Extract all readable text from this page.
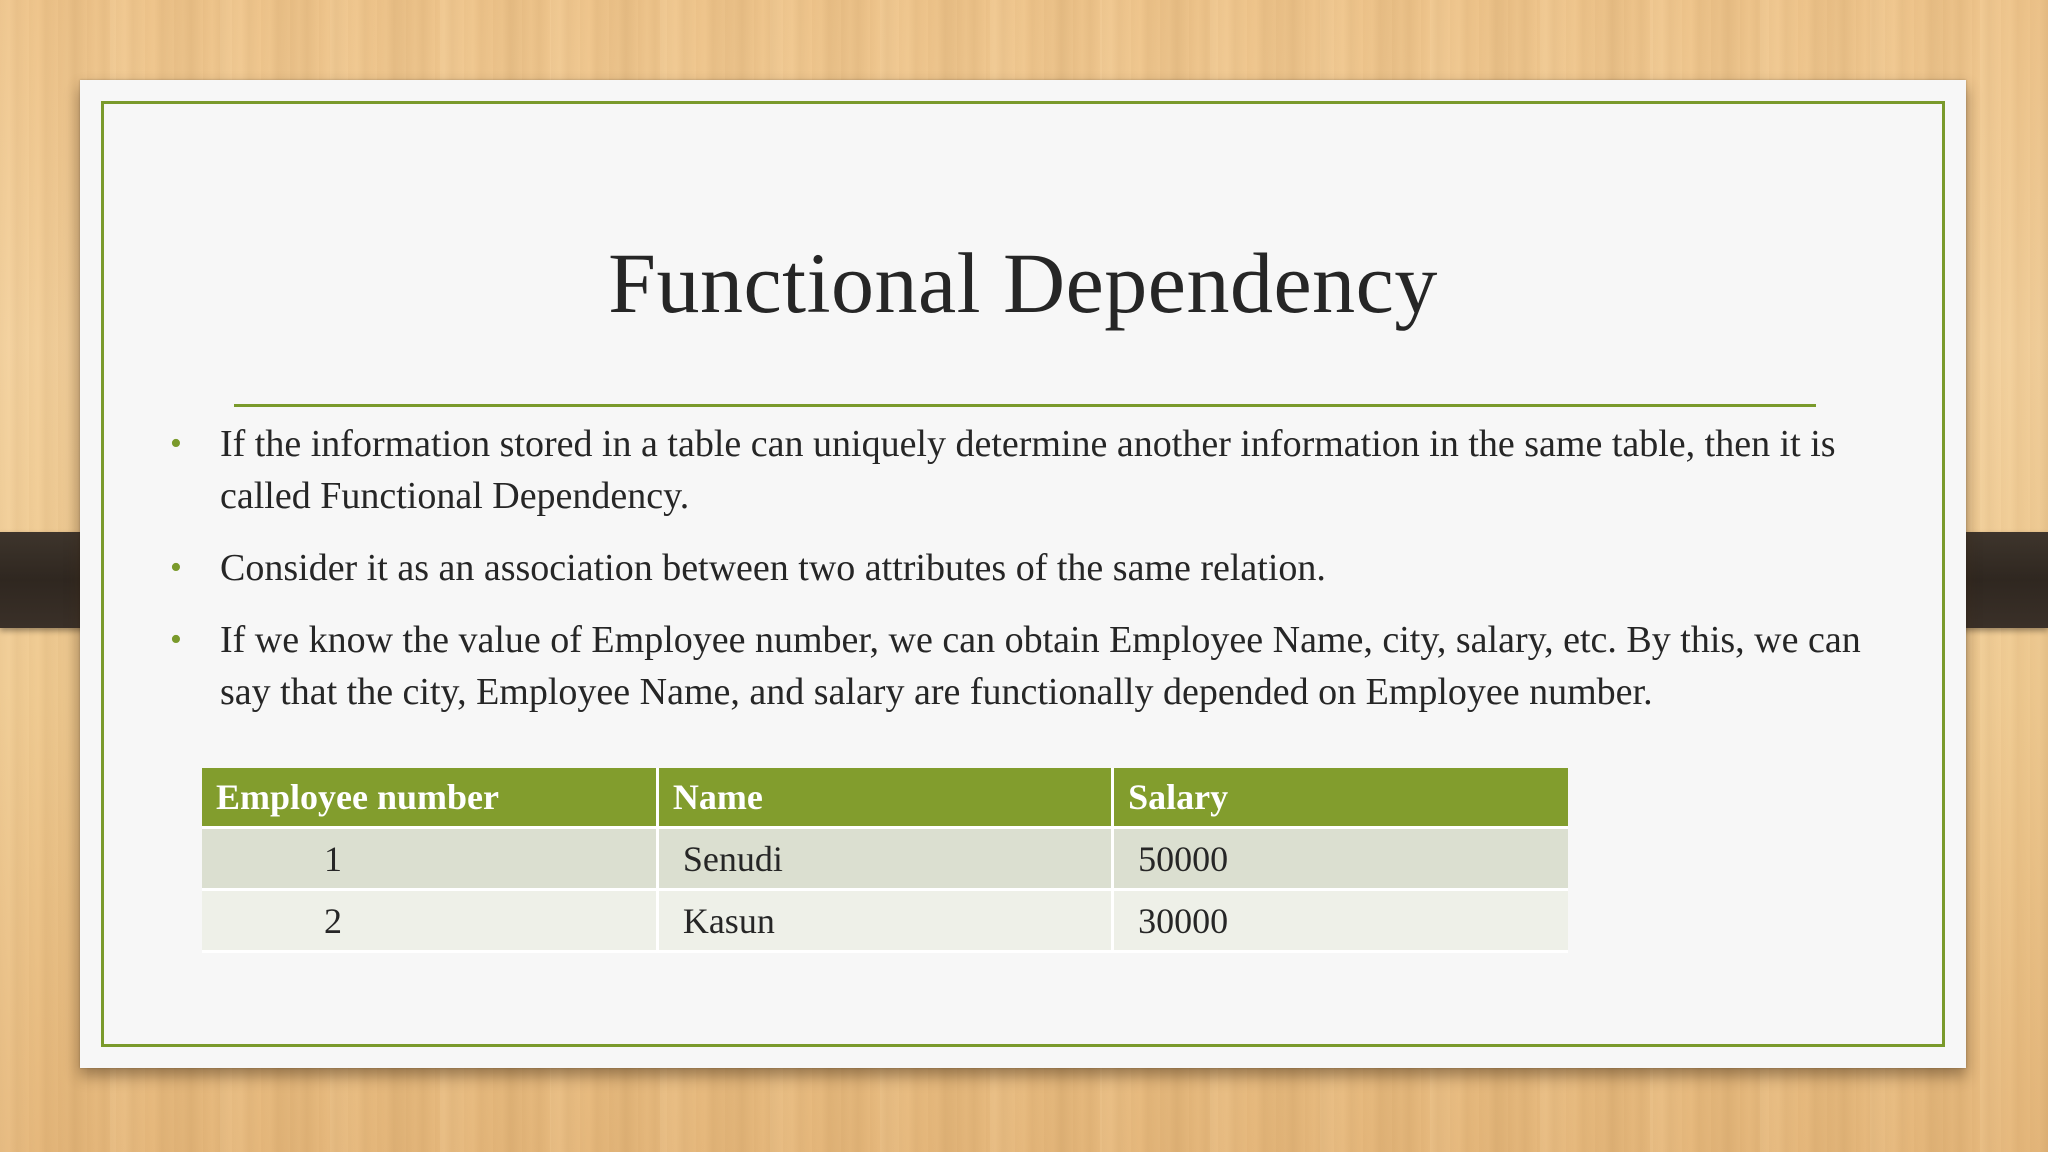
Functional Dependency
• If the information stored in a table can uniquely determine another information in the same table, then it is called Functional Dependency.
• Consider it as an association between two attributes of the same relation.
• If we know the value of Employee number, we can obtain Employee Name, city, salary, etc. By this, we can say that the city, Employee Name, and salary are functionally depended on Employee number.
Employee number	Name	Salary
1	Senudi	50000
2	Kasun	30000
